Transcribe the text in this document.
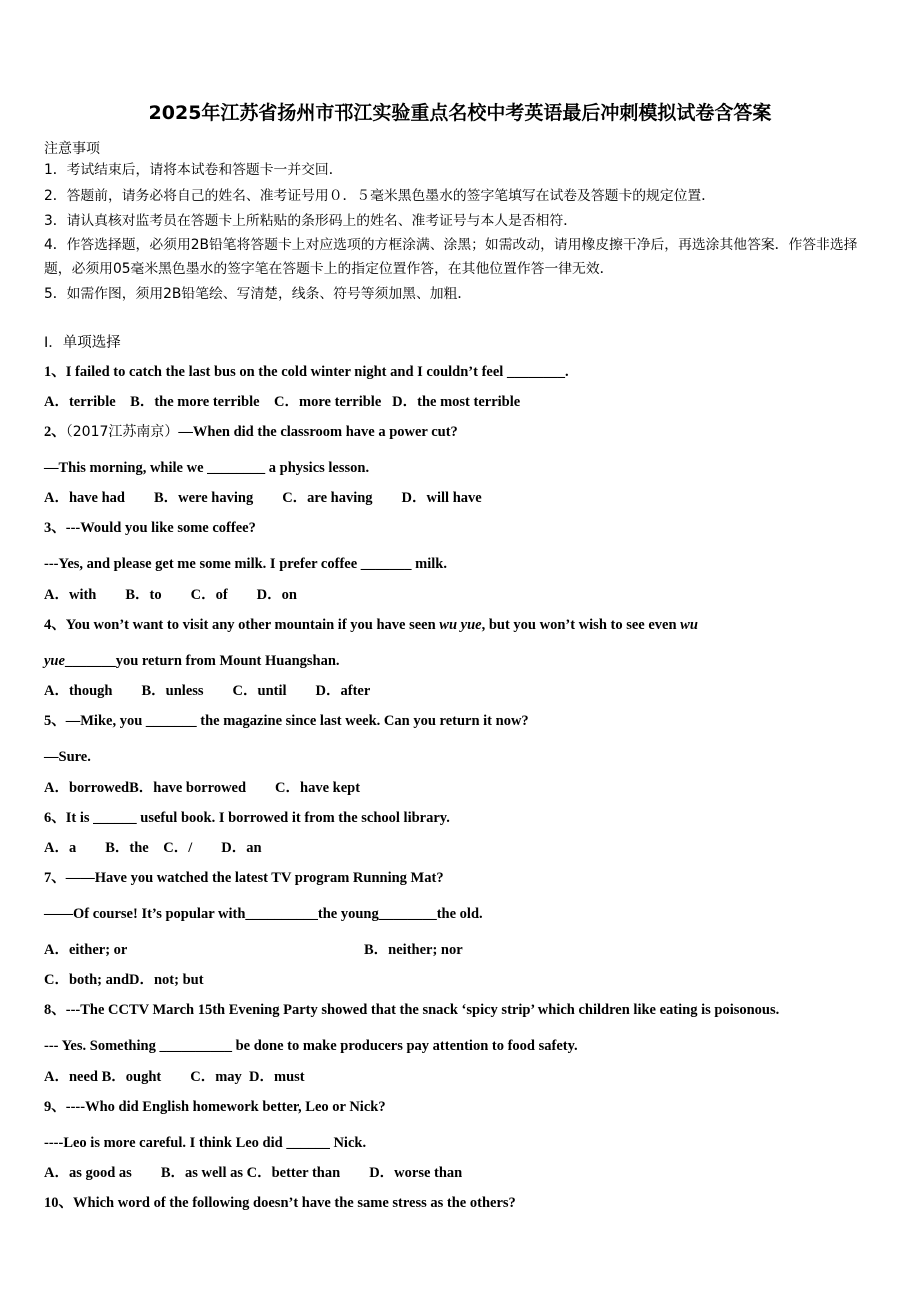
2025年江苏省扬州市邗江实验重点名校中考英语最后冲刺模拟试卷含答案
注意事项
1．考试结束后，请将本试卷和答题卡一并交回．
2．答题前，请务必将自己的姓名、准考证号用０．５毫米黑色墨水的签字笔填写在试卷及答题卡的规定位置．
3．请认真核对监考员在答题卡上所粘贴的条形码上的姓名、准考证号与本人是否相符．
4．作答选择题，必须用2B铅笔将答题卡上对应选项的方框涂满、涂黑；如需改动，请用橡皮擦干净后，再选涂其他答案．作答非选择题，必须用05毫米黑色墨水的签字笔在答题卡上的指定位置作答，在其他位置作答一律无效．
5．如需作图，须用2B铅笔绘、写清楚，线条、符号等须加黑、加粗．
Ⅰ．单项选择
1、I failed to catch the last bus on the cold winter night and I couldn’t feel ________.
A．terrible    B．the more terrible    C．more terrible   D．the most terrible
2、（2017江苏南京）—When did the classroom have a power cut?
—This morning, while we ________ a physics lesson.
A．have had        B．were having        C．are having        D．will have
3、---Would you like some coffee?
---Yes, and please get me some milk. I prefer coffee _______ milk.
A．with        B．to        C．of        D．on
4、You won’t want to visit any other mountain if you have seen wu yue, but you won’t wish to see even wu
yue_______you return from Mount Huangshan.
A．though        B．unless        C．until        D．after
5、—Mike, you _______ the magazine since last week. Can you return it now?
—Sure.
A．borrowedB．have borrowed        C．have kept
6、It is ______ useful book. I borrowed it from the school library.
A．a        B．the    C．/        D．an
7、——Have you watched the latest TV program Running Mat?
——Of course! It’s popular with__________the young________the old.
A．either; or	B．neither; nor
C．both; andD．not; but
8、---The CCTV March 15th Evening Party showed that the snack ‘spicy strip’ which children like eating is poisonous.
--- Yes. Something __________ be done to make producers pay attention to food safety.
A．need B．ought        C．may  D．must
9、----Who did English homework better, Leo or Nick?
----Leo is more careful. I think Leo did ______ Nick.
A．as good as        B．as well as C．better than        D．worse than
10、Which word of the following doesn’t have the same stress as the others?
